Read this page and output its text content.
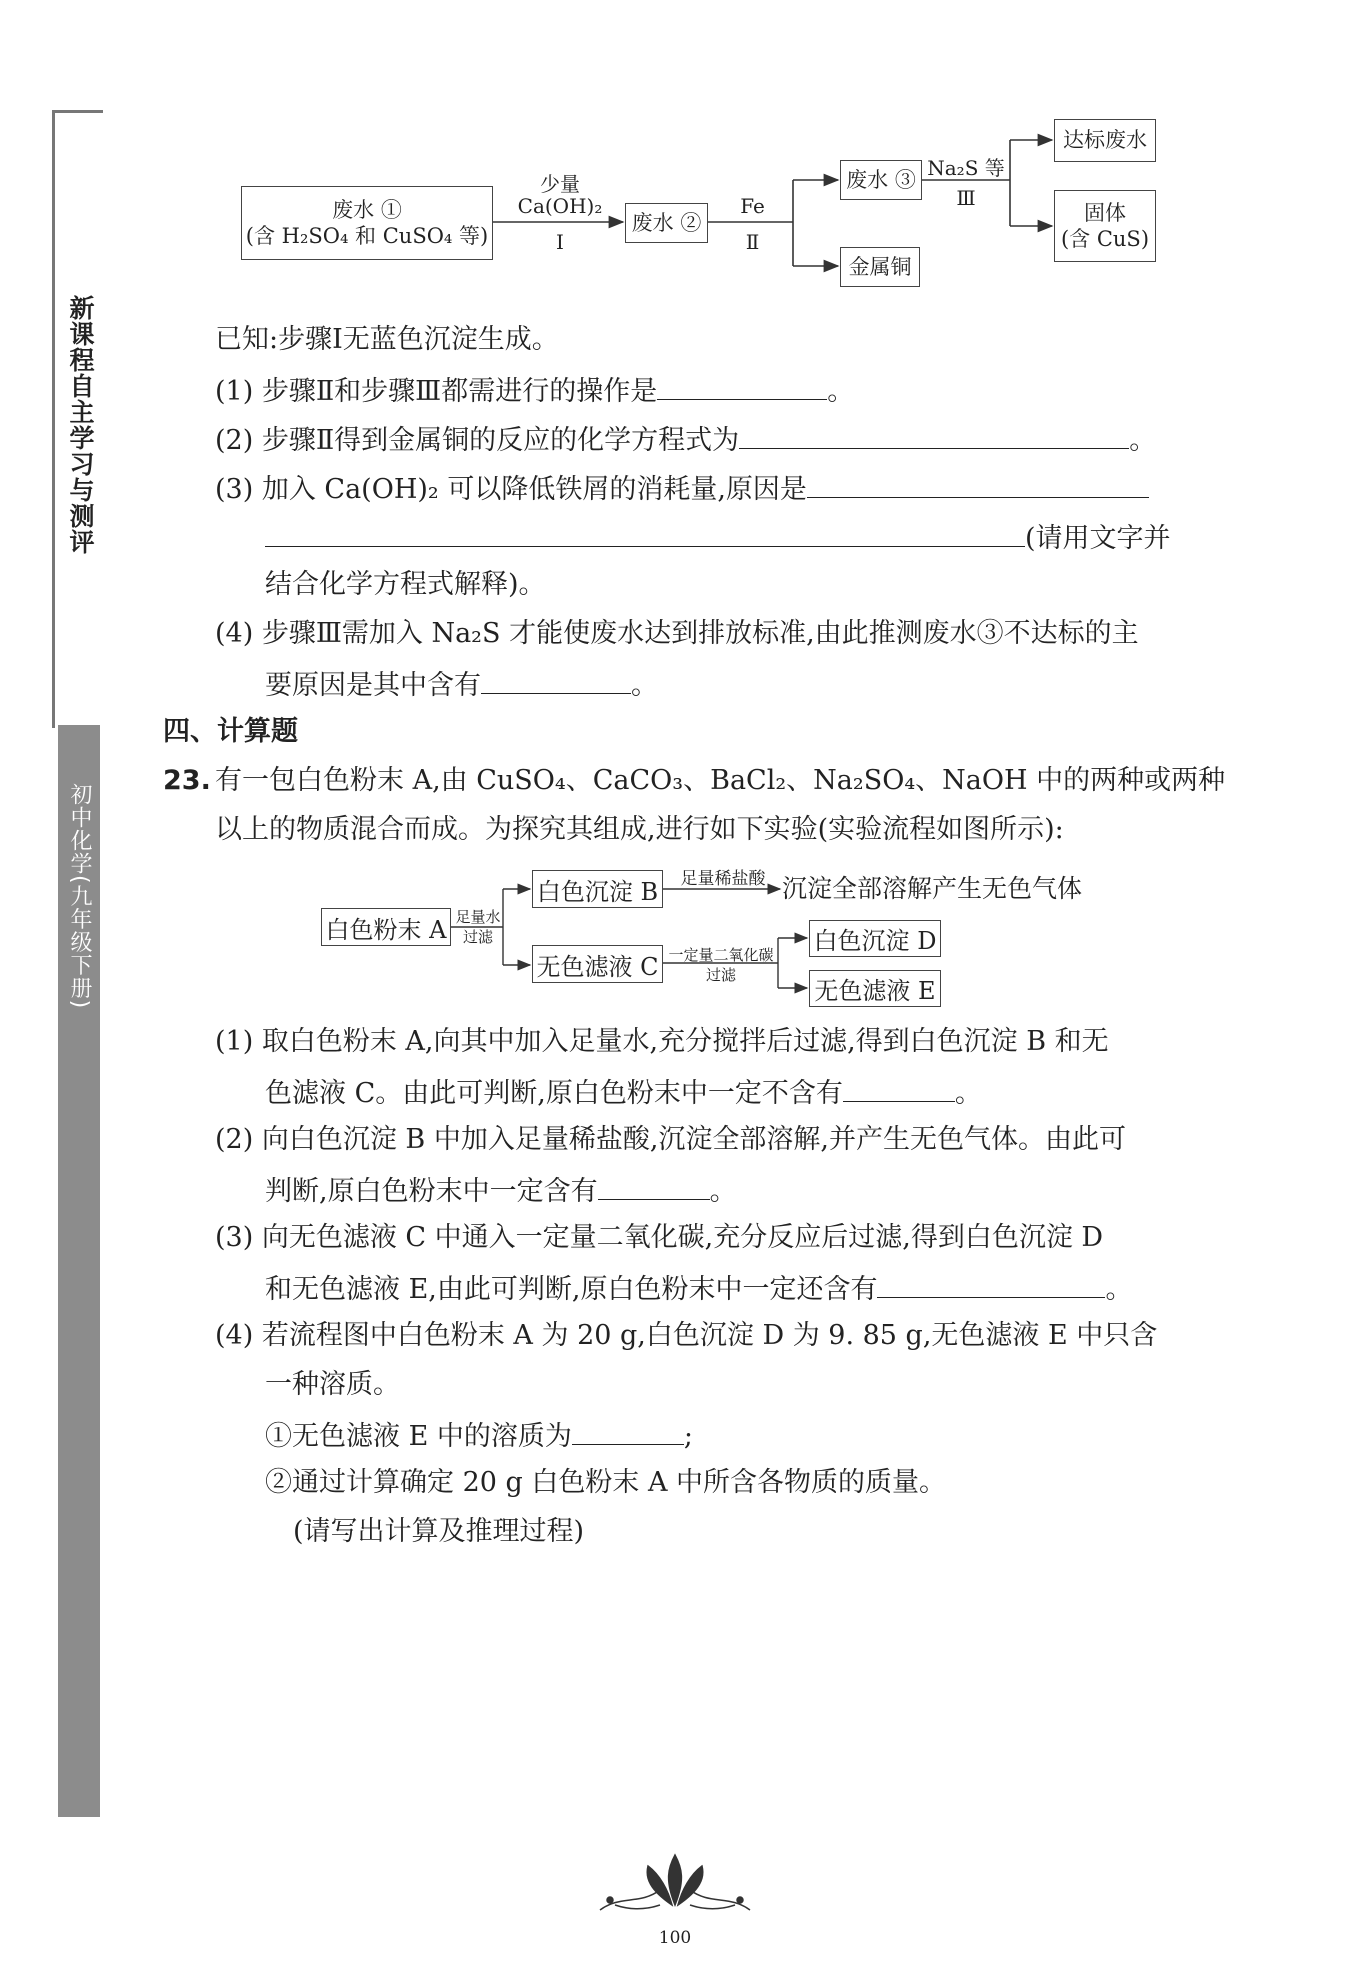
新课程自主学习与测评
初中化学(九年级下册)
废水 ①
(含 H₂SO₄ 和 CuSO₄ 等)
少量
Ca(OH)₂
Ⅰ
废水 ②
Fe
Ⅱ
废水 ③
金属铜
Na₂S 等
Ⅲ
达标废水
固体
(含 CuS)
已知:步骤Ⅰ无蓝色沉淀生成。
(1) 步骤Ⅱ和步骤Ⅲ都需进行的操作是	。
(2) 步骤Ⅱ得到金属铜的反应的化学方程式为	。
(3) 加入 Ca(OH)₂ 可以降低铁屑的消耗量,原因是
(请用文字并
结合化学方程式解释)。
(4) 步骤Ⅲ需加入 Na₂S 才能使废水达到排放标准,由此推测废水③不达标的主
要原因是其中含有	。
四、计算题
23. 有一包白色粉末 A,由 CuSO₄、CaCO₃、BaCl₂、Na₂SO₄、NaOH 中的两种或两种
以上的物质混合而成。为探究其组成,进行如下实验(实验流程如图所示):
白色粉末 A 足量水
过滤
白色沉淀 B	足量稀盐酸 沉淀全部溶解产生无色气体
无色滤液 C 一定量二氧化碳
过滤
白色沉淀 D
无色滤液 E
(1) 取白色粉末 A,向其中加入足量水,充分搅拌后过滤,得到白色沉淀 B 和无
色滤液 C。由此可判断,原白色粉末中一定不含有	。
(2) 向白色沉淀 B 中加入足量稀盐酸,沉淀全部溶解,并产生无色气体。由此可
判断,原白色粉末中一定含有	。
(3) 向无色滤液 C 中通入一定量二氧化碳,充分反应后过滤,得到白色沉淀 D
和无色滤液 E,由此可判断,原白色粉末中一定还含有	。
(4) 若流程图中白色粉末 A 为 20 g,白色沉淀 D 为 9. 85 g,无色滤液 E 中只含
一种溶质。
①无色滤液 E 中的溶质为	;
②通过计算确定 20 g 白色粉末 A 中所含各物质的质量。
(请写出计算及推理过程)
100
